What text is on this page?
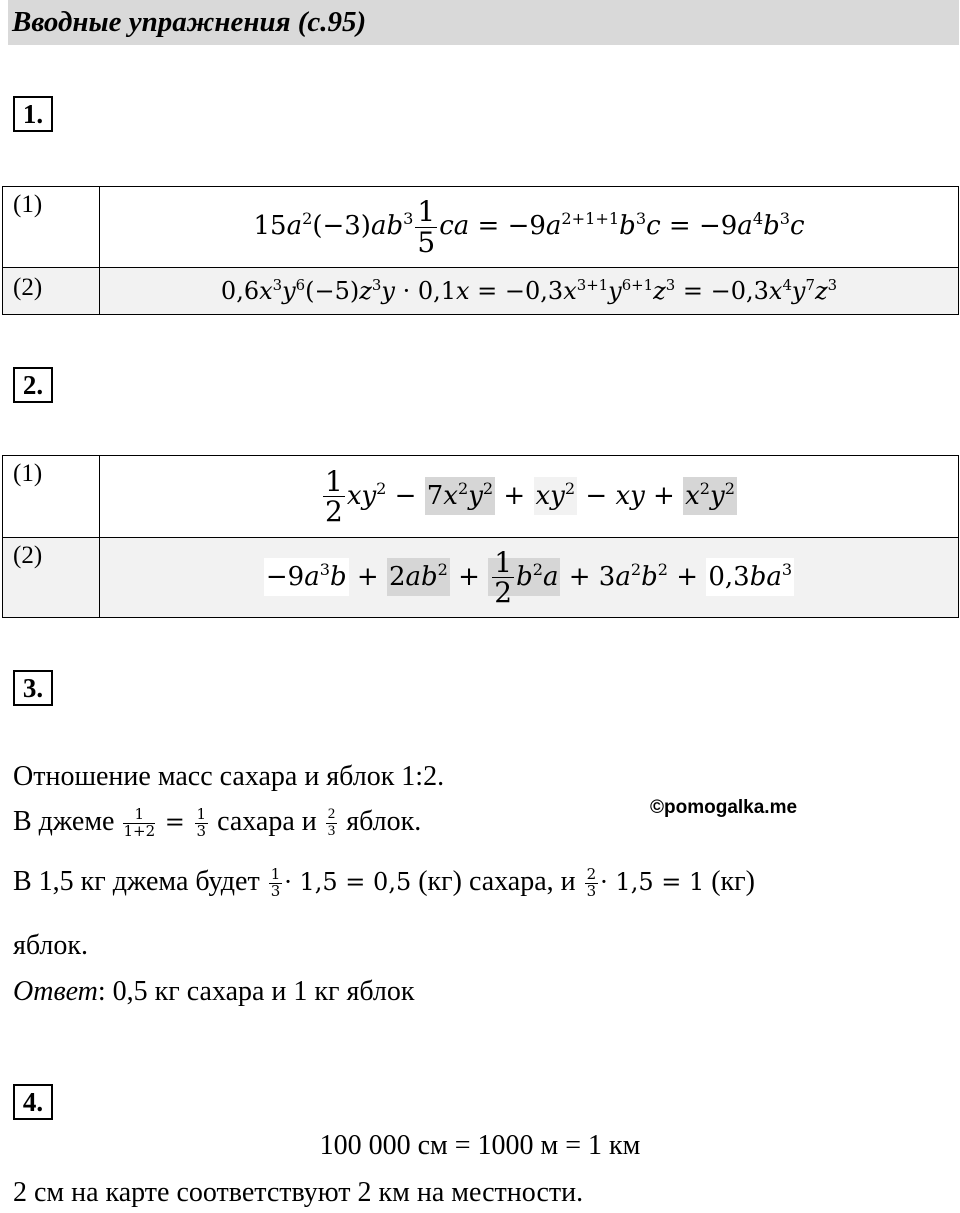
Вводные упражнения (с.95)
1.
(1)	$15a^2(-3)ab^3 \frac{1}{5}$ ca = $-9a^{2+1+1}b^3c = -9a^4b^3c$
(2)	$0,6x^3y^6(-5)z^3y \cdot 0,1x = -0,3x^{3+1}y^{6+1}z^3 = -0,3x^4y^7z^3$
2.
(1)	$\frac{1}{2} xy^2 - 7x^2y^2 + xy^2$ − xy + $x^2y^2$
(2)	$-9a^3b + 2ab^2 + \frac{1}{2} b^2a + 3a^2b^2 + 0,3ba^3$
3.
Отношение масс сахара и яблок 1:2.
©pomogalka.me
В джеме $\frac{1}{1+2} = \frac{1}{3}$ сахара и $\frac{2}{3}$ яблок.
В 1,5 кг джема будет $\frac{1}{3} \cdot 1,5 = 0,5$ (кг) сахара, и $\frac{2}{3} \cdot 1,5 = 1$ (кг)
яблок.
Ответ: 0,5 кг сахара и 1 кг яблок
4.
100 000 см = 1000 м = 1 км
2 см на карте соответствуют 2 км на местности.
